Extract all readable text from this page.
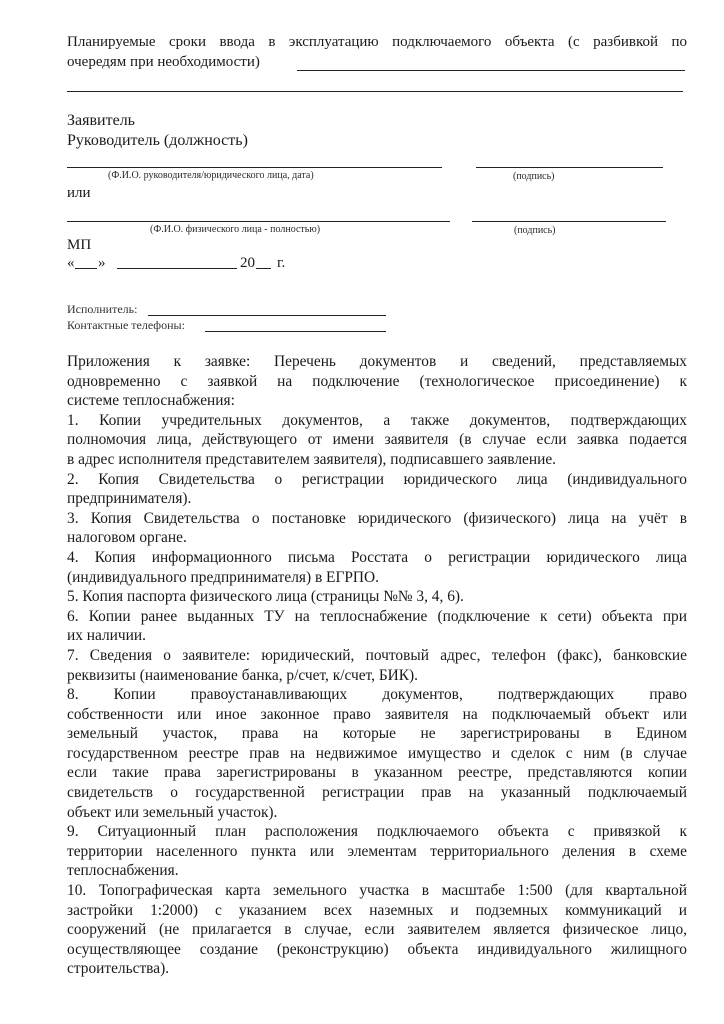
Планируемые сроки ввода в эксплуатацию подключаемого объекта (с разбивкой по
очередям при необходимости)
Заявитель
Руководитель (должность)
(Ф.И.О. руководителя/юридического лица, дата)	(подпись)
или
(Ф.И.О. физического лица - полностью)	(подпись)
МП
« »	20 г.
Исполнитель:
Контактные телефоны:
Приложения к заявке: Перечень документов и сведений, представляемых
одновременно с заявкой на подключение (технологическое присоединение) к
системе теплоснабжения:
1. Копии учредительных документов, а также документов, подтверждающих
полномочия лица, действующего от имени заявителя (в случае если заявка подается
в адрес исполнителя представителем заявителя), подписавшего заявление.
2. Копия Свидетельства о регистрации юридического лица (индивидуального
предпринимателя).
3. Копия Свидетельства о постановке юридического (физического) лица на учёт в
налоговом органе.
4. Копия информационного письма Росстата о регистрации юридического лица
(индивидуального предпринимателя) в ЕГРПО.
5. Копия паспорта физического лица (страницы №№ 3, 4, 6).
6. Копии ранее выданных ТУ на теплоснабжение (подключение к сети) объекта при
их наличии.
7. Сведения о заявителе: юридический, почтовый адрес, телефон (факс), банковские
реквизиты (наименование банка, р/счет, к/счет, БИК).
8. Копии правоустанавливающих документов, подтверждающих право
собственности или иное законное право заявителя на подключаемый объект или
земельный участок, права на которые не зарегистрированы в Едином
государственном реестре прав на недвижимое имущество и сделок с ним (в случае
если такие права зарегистрированы в указанном реестре, представляются копии
свидетельств о государственной регистрации прав на указанный подключаемый
объект или земельный участок).
9. Ситуационный план расположения подключаемого объекта с привязкой к
территории населенного пункта или элементам территориального деления в схеме
теплоснабжения.
10. Топографическая карта земельного участка в масштабе 1:500 (для квартальной
застройки 1:2000) с указанием всех наземных и подземных коммуникаций и
сооружений (не прилагается в случае, если заявителем является физическое лицо,
осуществляющее создание (реконструкцию) объекта индивидуального жилищного
строительства).
